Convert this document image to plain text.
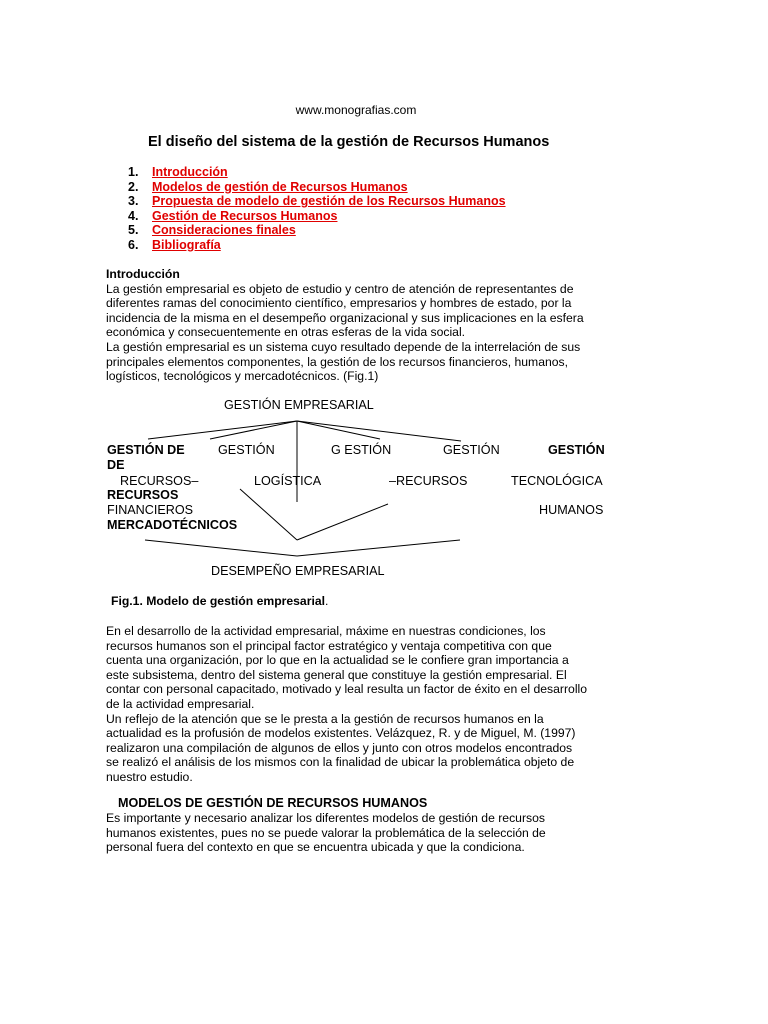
www.monografias.com
El diseño del sistema de la gestión de Recursos Humanos
1.	Introducción
2.	Modelos de gestión de Recursos Humanos
3.	Propuesta de modelo de gestión de los Recursos Humanos
4.	Gestión de Recursos Humanos
5.	Consideraciones finales
6.	Bibliografía

Introducción

La gestión empresarial es objeto de estudio y centro de atención de representantes de

diferentes ramas del conocimiento científico, empresarios y hombres de estado, por la

incidencia de la misma en el desempeño organizacional y sus implicaciones en la esfera

económica y consecuentemente en otras esferas de la vida social.

La gestión empresarial es un sistema cuyo resultado depende de la interrelación de sus

principales elementos componentes, la gestión de los recursos financieros, humanos,

logísticos, tecnológicos y mercadotécnicos. (Fig.1)

GESTIÓN EMPRESARIAL
GESTIÓN DE	GESTIÓN	G ESTIÓN	GESTIÓN	GESTIÓN
DE
RECURSOS–	LOGÍSTICA	–RECURSOS	TECNOLÓGICA
RECURSOS
FINANCIEROS	HUMANOS
MERCADOTÉCNICOS
DESEMPEÑO EMPRESARIAL
Fig.1. Modelo de gestión empresarial.

En el desarrollo de la actividad empresarial, máxime en nuestras condiciones, los

recursos humanos son el principal factor estratégico y ventaja competitiva con que

cuenta una organización, por lo que en la actualidad se le confiere gran importancia a

este subsistema, dentro del sistema general que constituye la gestión empresarial. El

contar con personal capacitado, motivado y leal resulta un factor de éxito en el desarrollo

de la actividad empresarial.

Un reflejo de la atención que se le presta a la gestión de recursos humanos en la

actualidad es la profusión de modelos existentes. Velázquez, R. y de Miguel, M. (1997)

realizaron una compilación de algunos de ellos y junto con otros modelos encontrados

se realizó el análisis de los mismos con la finalidad de ubicar la problemática objeto de

nuestro estudio.

MODELOS DE GESTIÓN DE RECURSOS HUMANOS

Es importante y necesario analizar los diferentes modelos de gestión de recursos

humanos existentes, pues no se puede valorar la problemática de la selección de

personal fuera del contexto en que se encuentra ubicada y que la condiciona.
